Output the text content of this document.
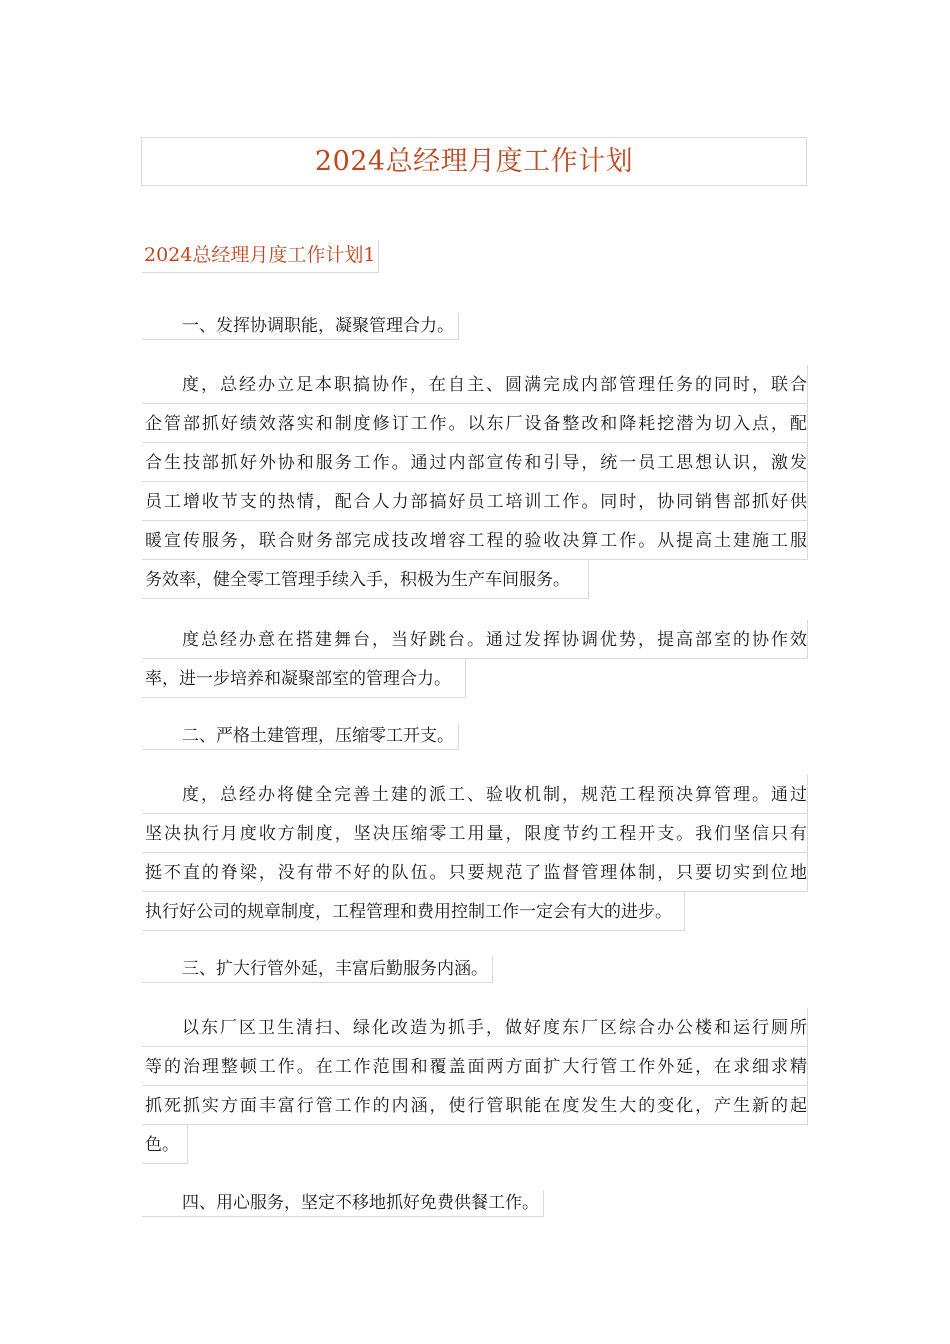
2024总经理月度工作计划
2024总经理月度工作计划1
一、发挥协调职能，凝聚管理合力。
度，总经办立足本职搞协作，在自主、圆满完成内部管理任务的同时，联合
企管部抓好绩效落实和制度修订工作。以东厂设备整改和降耗挖潜为切入点，配
合生技部抓好外协和服务工作。通过内部宣传和引导，统一员工思想认识，激发
员工增收节支的热情，配合人力部搞好员工培训工作。同时，协同销售部抓好供
暖宣传服务，联合财务部完成技改增容工程的验收决算工作。从提高土建施工服
务效率，健全零工管理手续入手，积极为生产车间服务。
度总经办意在搭建舞台，当好跳台。通过发挥协调优势，提高部室的协作效
率，进一步培养和凝聚部室的管理合力。
二、严格土建管理，压缩零工开支。
度，总经办将健全完善土建的派工、验收机制，规范工程预决算管理。通过
坚决执行月度收方制度，坚决压缩零工用量，限度节约工程开支。我们坚信只有
挺不直的脊梁，没有带不好的队伍。只要规范了监督管理体制，只要切实到位地
执行好公司的规章制度，工程管理和费用控制工作一定会有大的进步。
三、扩大行管外延，丰富后勤服务内涵。
以东厂区卫生清扫、绿化改造为抓手，做好度东厂区综合办公楼和运行厕所
等的治理整顿工作。在工作范围和覆盖面两方面扩大行管工作外延，在求细求精
抓死抓实方面丰富行管工作的内涵，使行管职能在度发生大的变化，产生新的起
色。
四、用心服务，坚定不移地抓好免费供餐工作。
